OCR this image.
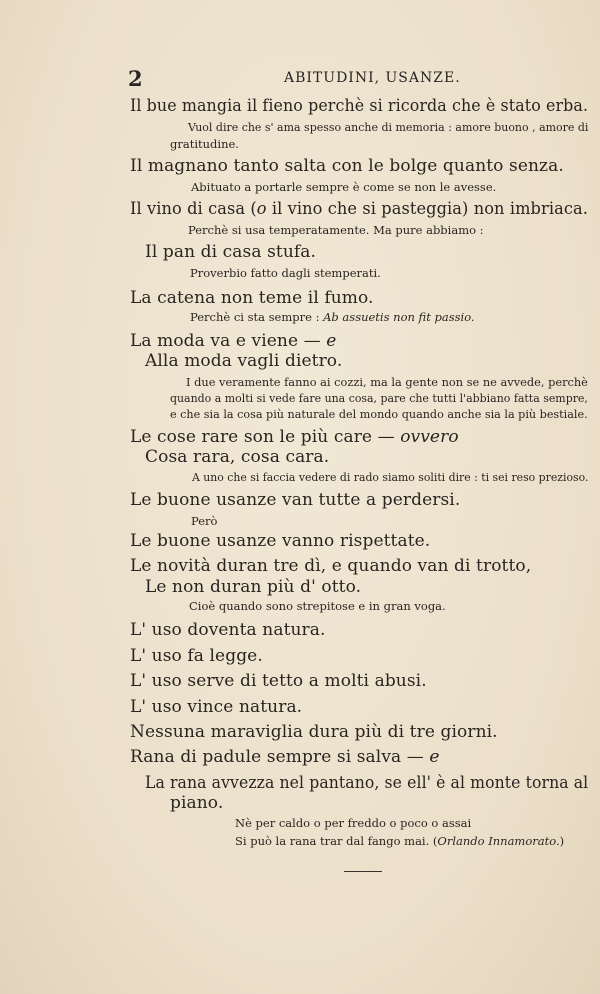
2	ABITUDINI, USANZE.
Il bue mangia il fieno perchè si ricorda che è stato erba.
Vuol dire che s' ama spesso anche di memoria : amore buono , amore di
gratitudine.
Il magnano tanto salta con le bolge quanto senza.
Abituato a portarle sempre è come se non le avesse.
Il vino di casa (o il vino che si pasteggia) non imbriaca.
Perchè si usa temperatamente. Ma pure abbiamo :
Il pan di casa stufa.
Proverbio fatto dagli stemperati.
La catena non teme il fumo.
Perchè ci sta sempre : Ab assuetis non fit passio.
La moda va e viene — e
Alla moda vagli dietro.
I due veramente fanno ai cozzi, ma la gente non se ne avvede, perchè
quando a molti si vede fare una cosa, pare che tutti l'abbiano fatta sempre,
e che sia la cosa più naturale del mondo quando anche sia la più bestiale.
Le cose rare son le più care — ovvero
Cosa rara, cosa cara.
A uno che si faccia vedere di rado siamo soliti dire : ti sei reso prezioso.
Le buone usanze van tutte a perdersi.
Però
Le buone usanze vanno rispettate.
Le novità duran tre dì, e quando van di trotto,
Le non duran più d' otto.
Cioè quando sono strepitose e in gran voga.
L' uso doventa natura.
L' uso fa legge.
L' uso serve di tetto a molti abusi.
L' uso vince natura.
Nessuna maraviglia dura più di tre giorni.
Rana di padule sempre si salva — e
La rana avvezza nel pantano, se ell' è al monte torna al
piano.
Nè per caldo o per freddo o poco o assai
Si può la rana trar dal fango mai. (Orlando Innamorato.)
